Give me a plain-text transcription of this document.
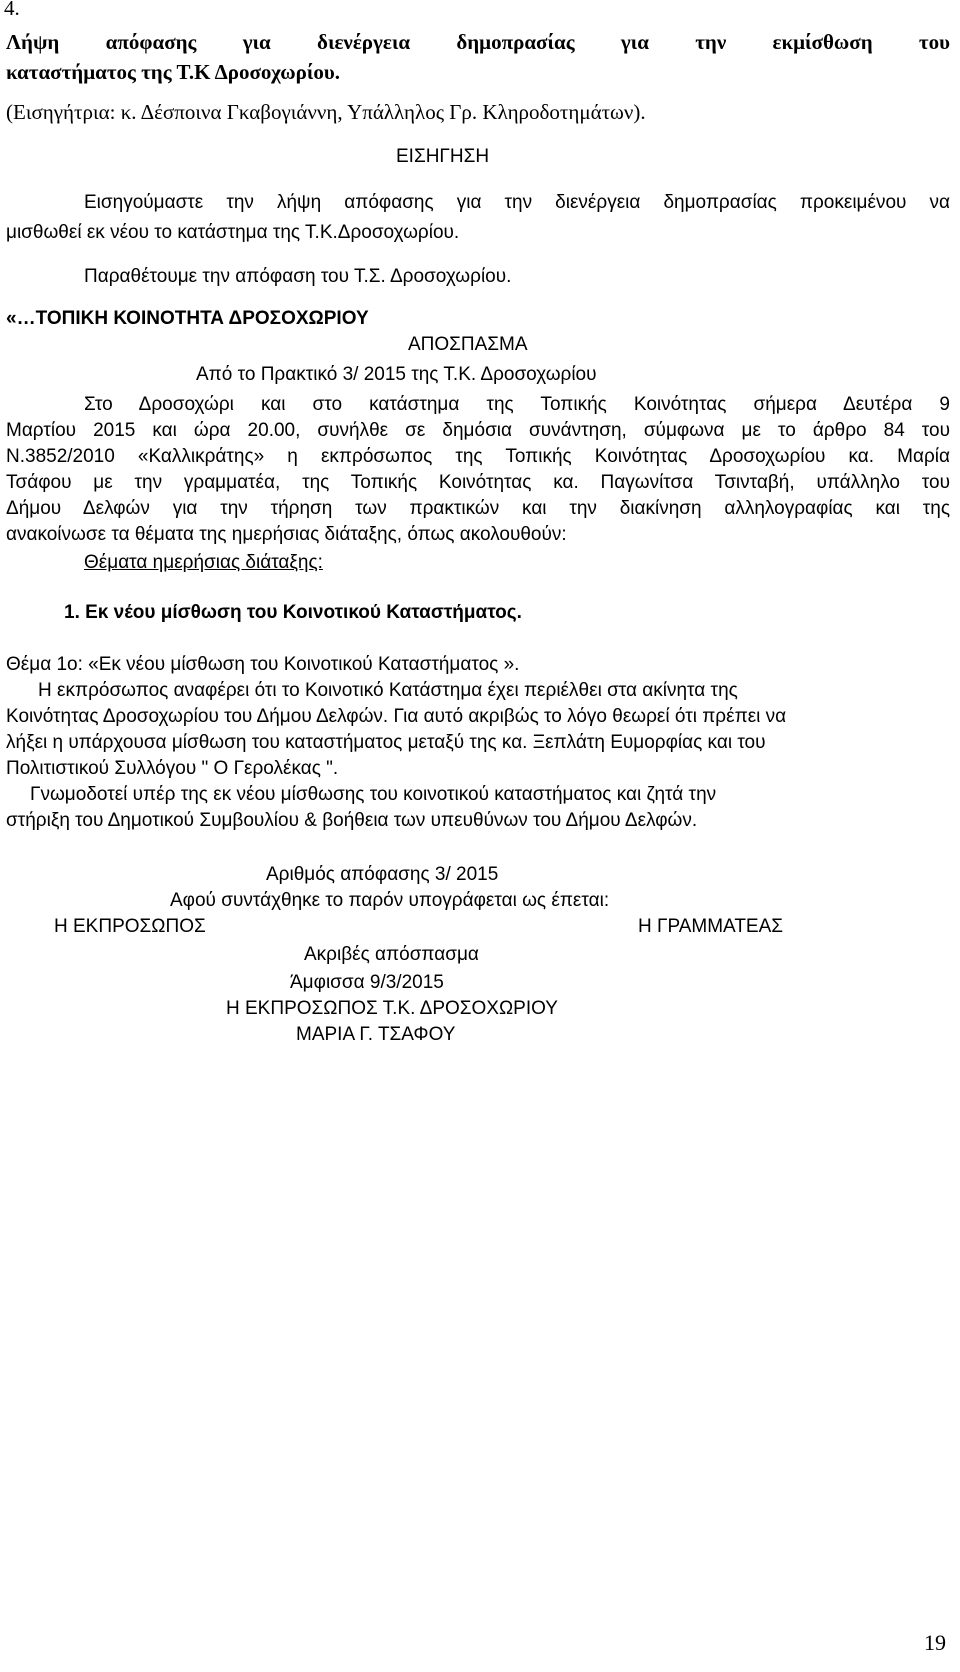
4.
Λήψη απόφασης για διενέργεια δημοπρασίας για την εκμίσθωση του
καταστήματος της Τ.Κ Δροσοχωρίου.
(Εισηγήτρια: κ. Δέσποινα Γκαβογιάννη, Υπάλληλος Γρ. Κληροδοτημάτων).
ΕΙΣΗΓΗΣΗ
Εισηγούμαστε την λήψη απόφασης για την διενέργεια δημοπρασίας προκειμένου να
μισθωθεί εκ νέου το κατάστημα της Τ.Κ.Δροσοχωρίου.
Παραθέτουμε την απόφαση του Τ.Σ. Δροσοχωρίου.
«…ΤΟΠΙΚΗ ΚΟΙΝΟΤΗΤΑ ΔΡΟΣΟΧΩΡΙΟΥ
ΑΠΟΣΠΑΣΜΑ
Από το Πρακτικό 3/ 2015 της Τ.Κ. Δροσοχωρίου
Στο Δροσοχώρι και στο κατάστημα της Τοπικής Κοινότητας σήμερα Δευτέρα 9
Μαρτίου 2015 και ώρα 20.00, συνήλθε σε δημόσια συνάντηση, σύμφωνα με το άρθρο 84 του
Ν.3852/2010 «Καλλικράτης» η εκπρόσωπος της Τοπικής Κοινότητας Δροσοχωρίου κα. Μαρία
Τσάφου με την γραμματέα, της Τοπικής Κοινότητας κα. Παγωνίτσα Τσινταβή, υπάλληλο του
Δήμου Δελφών για την τήρηση των πρακτικών και την διακίνηση αλληλογραφίας και της
ανακοίνωσε τα θέματα της ημερήσιας διάταξης, όπως ακολουθούν:
Θέματα ημερήσιας διάταξης:
1. Εκ νέου μίσθωση του Κοινοτικού Καταστήματος.
Θέμα 1ο: «Εκ νέου μίσθωση του Κοινοτικού Καταστήματος ».
Η εκπρόσωπος αναφέρει ότι το Κοινοτικό Κατάστημα έχει περιέλθει στα ακίνητα της
Κοινότητας Δροσοχωρίου του Δήμου Δελφών. Για αυτό ακριβώς το λόγο θεωρεί ότι πρέπει να
λήξει η υπάρχουσα μίσθωση του καταστήματος μεταξύ της κα. Ξεπλάτη Ευμορφίας και του
Πολιτιστικού Συλλόγου " Ο Γερολέκας ".
Γνωμοδοτεί υπέρ της εκ νέου μίσθωσης του κοινοτικού καταστήματος και ζητά την
στήριξη του Δημοτικού Συμβουλίου & βοήθεια των υπευθύνων του Δήμου Δελφών.
Αριθμός απόφασης 3/ 2015
Αφού συντάχθηκε το παρόν υπογράφεται ως έπεται:
Η ΕΚΠΡΟΣΩΠΟΣ	Η ΓΡΑΜΜΑΤΕΑΣ
Ακριβές απόσπασμα
Άμφισσα 9/3/2015
Η ΕΚΠΡΟΣΩΠΟΣ Τ.Κ. ΔΡΟΣΟΧΩΡΙΟΥ
ΜΑΡΙΑ Γ. ΤΣΑΦΟΥ
19
